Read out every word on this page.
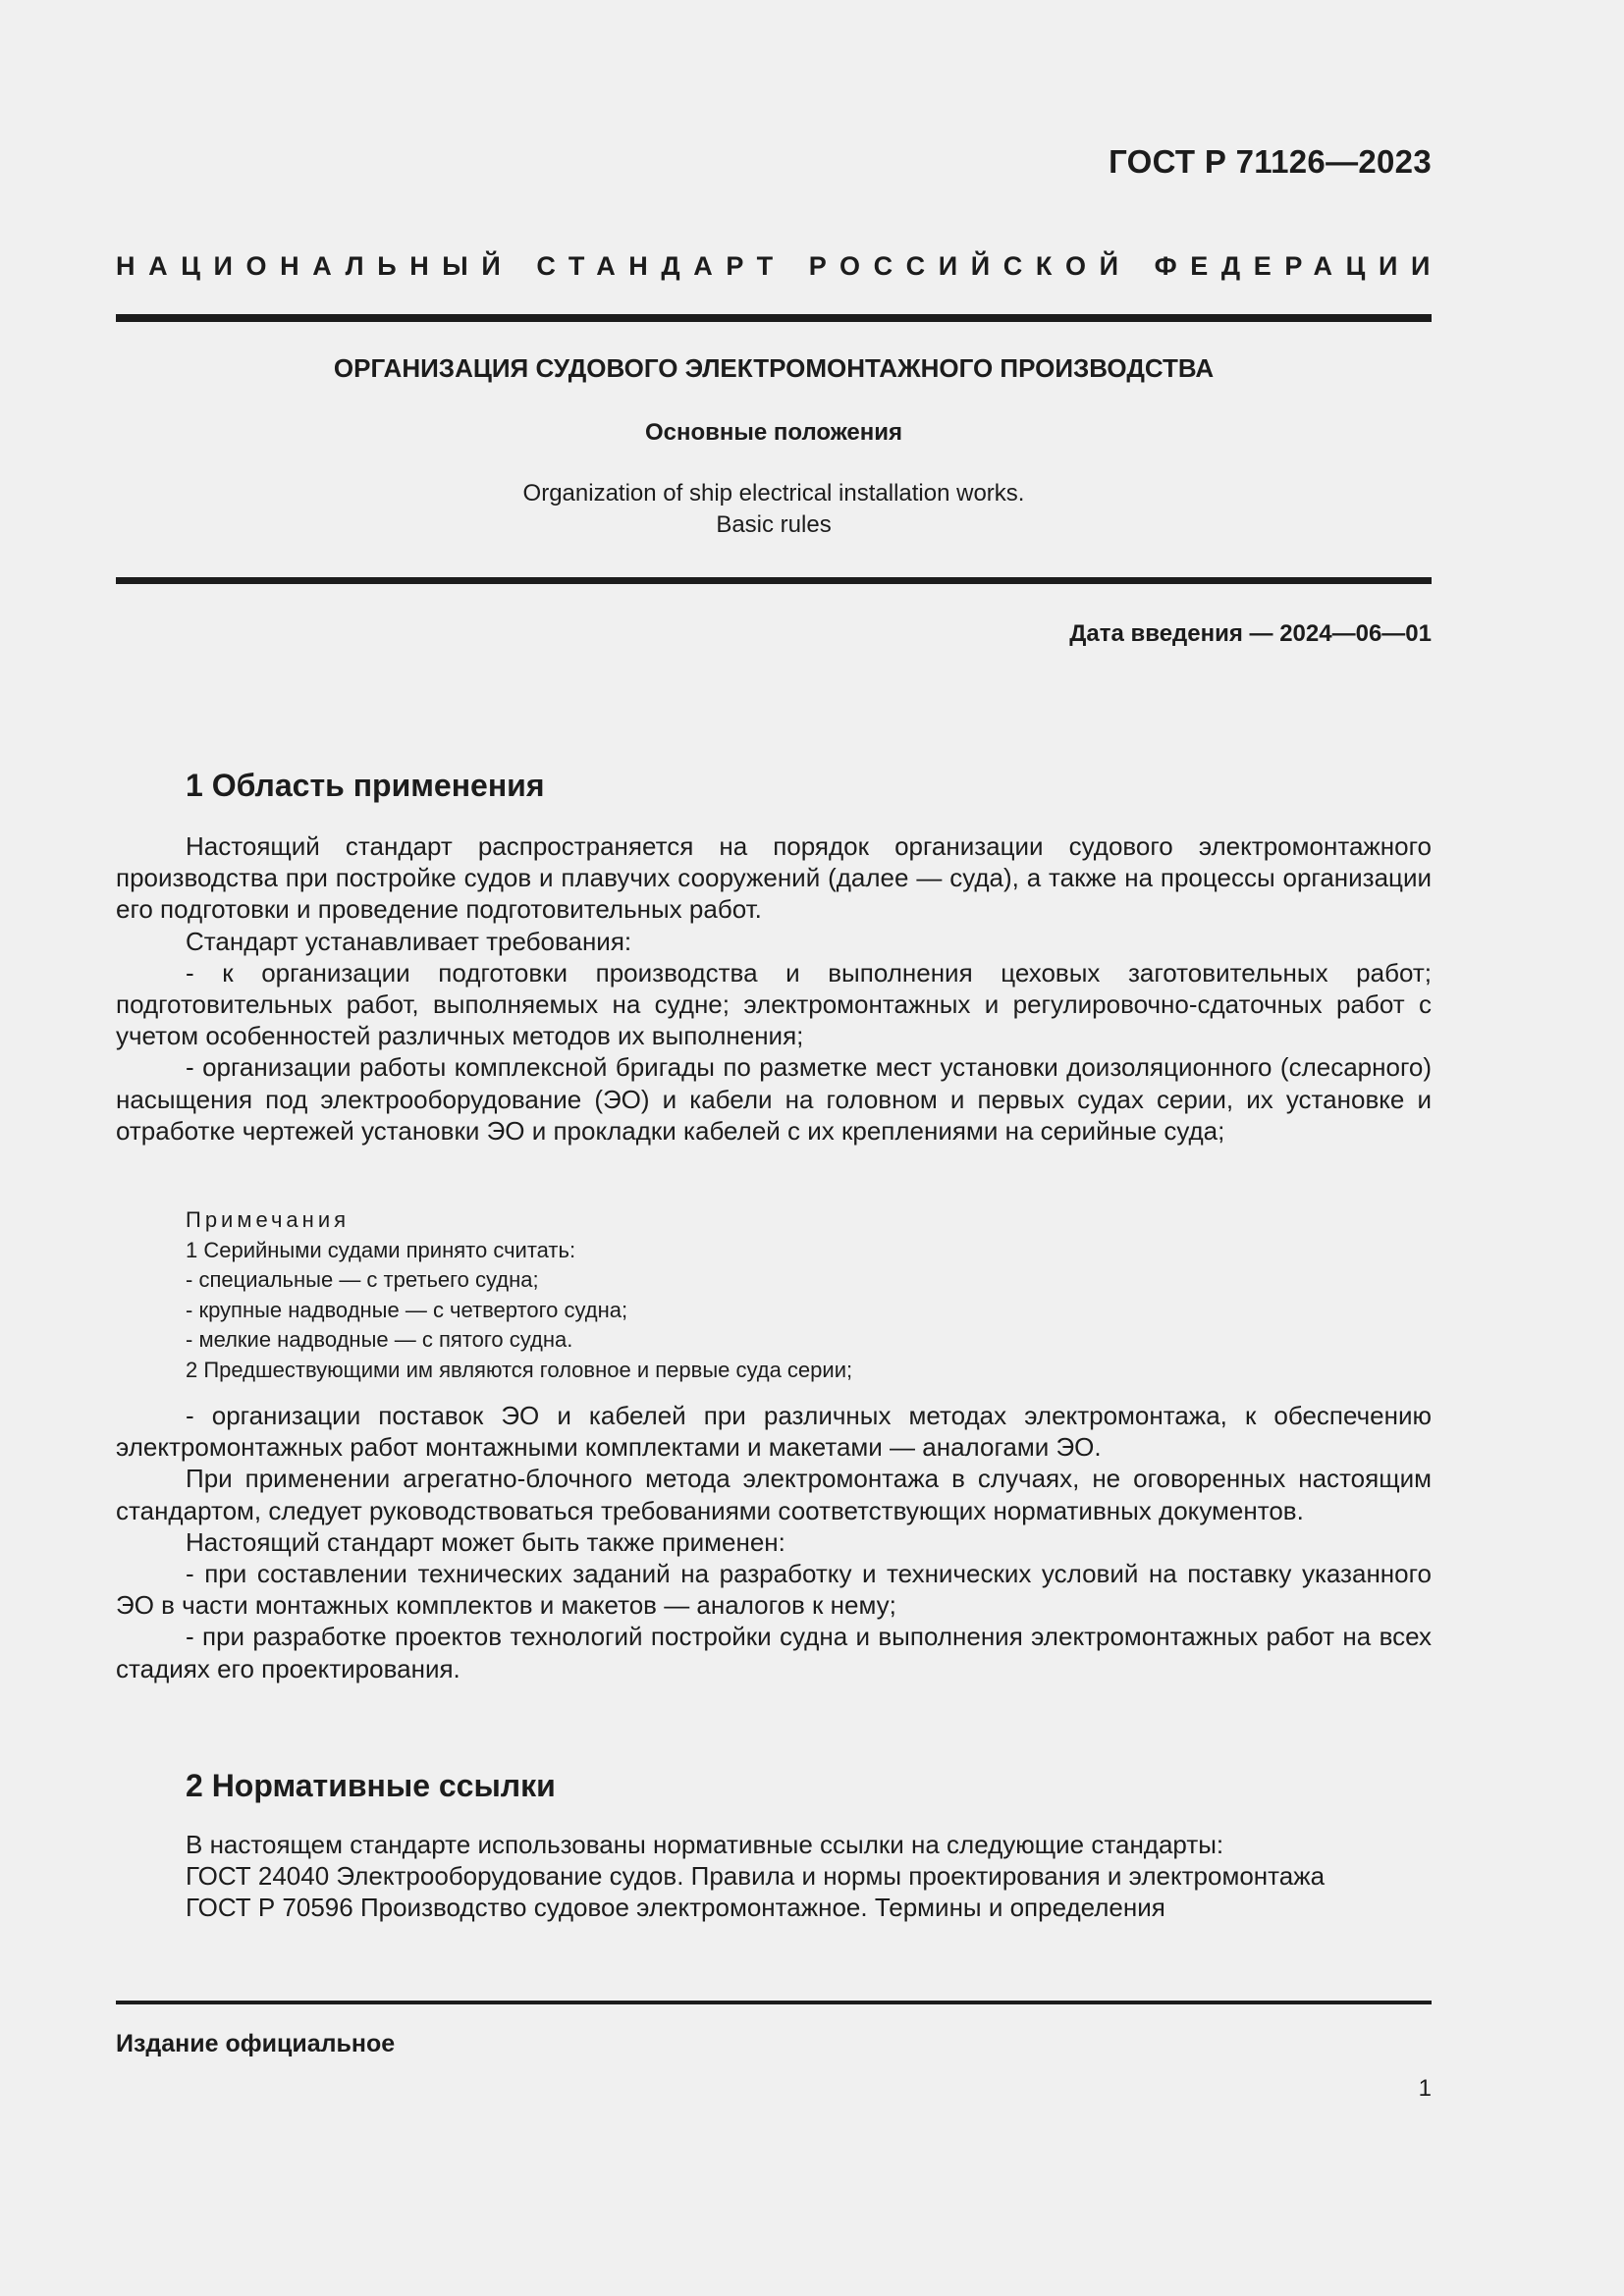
ГОСТ Р 71126—2023
НАЦИОНАЛЬНЫЙ СТАНДАРТ РОССИЙСКОЙ ФЕДЕРАЦИИ
ОРГАНИЗАЦИЯ СУДОВОГО ЭЛЕКТРОМОНТАЖНОГО ПРОИЗВОДСТВА
Основные положения
Organization of ship electrical installation works.
Basic rules
Дата введения — 2024—06—01
1 Область применения

Настоящий стандарт распространяется на порядок организации судового электромонтажного производства при постройке судов и плавучих сооружений (далее — суда), а также на процессы организации его подготовки и проведение подготовительных работ.

Стандарт устанавливает требования:

- к организации подготовки производства и выполнения цеховых заготовительных работ; подготовительных работ, выполняемых на судне; электромонтажных и регулировочно-сдаточных работ с учетом особенностей различных методов их выполнения;

- организации работы комплексной бригады по разметке мест установки доизоляционного (слесарного) насыщения под электрооборудование (ЭО) и кабели на головном и первых судах серии, их установке и отработке чертежей установки ЭО и прокладки кабелей с их креплениями на серийные суда;

Примечания
1 Серийными судами принято считать:
- специальные — с третьего судна;
- крупные надводные — с четвертого судна;
- мелкие надводные — с пятого судна.
2 Предшествующими им являются головное и первые суда серии;

- организации поставок ЭО и кабелей при различных методах электромонтажа, к обеспечению электромонтажных работ монтажными комплектами и макетами — аналогами ЭО.

При применении агрегатно-блочного метода электромонтажа в случаях, не оговоренных настоящим стандартом, следует руководствоваться требованиями соответствующих нормативных документов.

Настоящий стандарт может быть также применен:

- при составлении технических заданий на разработку и технических условий на поставку указанного ЭО в части монтажных комплектов и макетов — аналогов к нему;

- при разработке проектов технологий постройки судна и выполнения электромонтажных работ на всех стадиях его проектирования.

2 Нормативные ссылки

В настоящем стандарте использованы нормативные ссылки на следующие стандарты:

ГОСТ 24040 Электрооборудование судов. Правила и нормы проектирования и электромонтажа

ГОСТ Р 70596 Производство судовое электромонтажное. Термины и определения

Издание официальное
1
